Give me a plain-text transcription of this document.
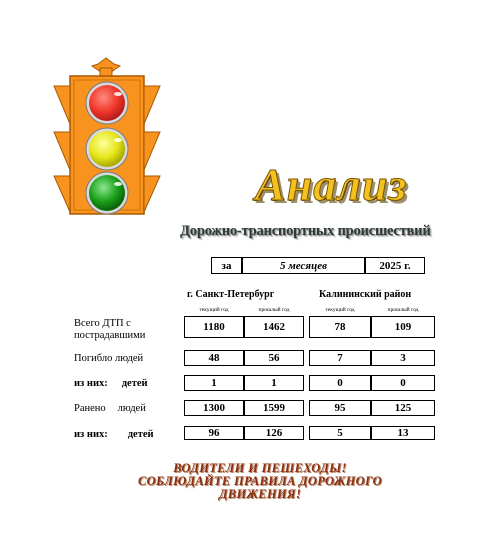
Анализ
Дорожно-транспортных происшествий
за	5 месяцев	2025 г.
г. Санкт-Петербург	Калининский район
текущий год	прошлый год	текущий год	прошлый год
Всего ДТП с
пострадавшими
1180	1462	78	109
Погибло людей	48	56	7	3
из них: детей	1	1	0	0
Ранено людей	1300	1599	95	125
из них: детей	96	126	5	13
ВОДИТЕЛИ И ПЕШЕХОДЫ!
СОБЛЮДАЙТЕ ПРАВИЛА ДОРОЖНОГО
ДВИЖЕНИЯ!
